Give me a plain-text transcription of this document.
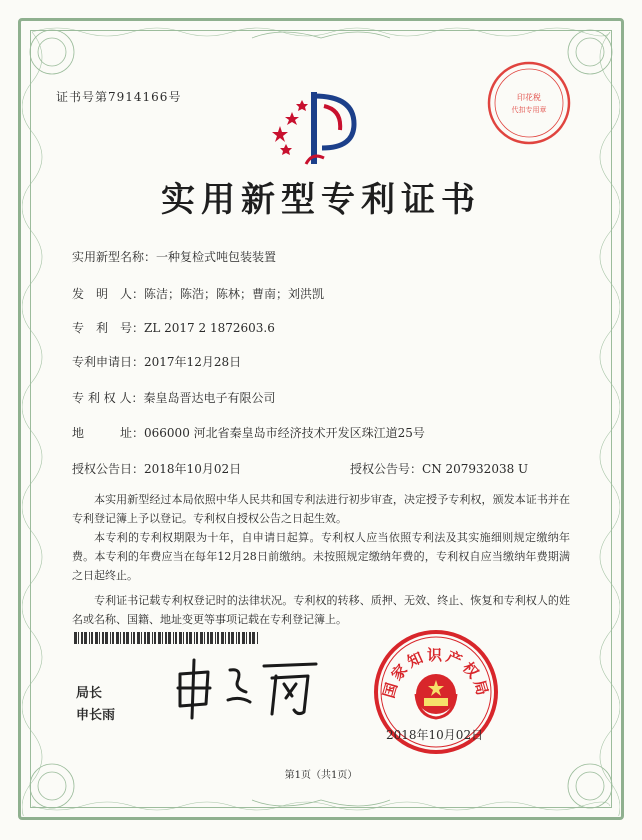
证书号第7914166号	印花税
代扣专用章
实用新型专利证书
实用新型名称：一种复检式吨包装装置
发　明　人：陈洁；陈浩；陈林；曹南；刘洪凯
专　利　号：ZL 2017 2 1872603.6
专利申请日：2017年12月28日
专 利 权 人：秦皇岛晋达电子有限公司
地　　　址：066000 河北省秦皇岛市经济技术开发区珠江道25号
授权公告日：2018年10月02日	授权公告号：CN 207932038 U

本实用新型经过本局依照中华人民共和国专利法进行初步审查，决定授予专利权，颁发本证书并在专利登记簿上予以登记。专利权自授权公告之日起生效。

本专利的专利权期限为十年，自申请日起算。专利权人应当依照专利法及其实施细则规定缴纳年费。本专利的年费应当在每年12月28日前缴纳。未按照规定缴纳年费的，专利权自应当缴纳年费期满之日起终止。

专利证书记载专利权登记时的法律状况。专利权的转移、质押、无效、终止、恢复和专利权人的姓名或名称、国籍、地址变更等事项记载在专利登记簿上。

局长
申长雨
国家知识产权局
2018年10月02日
第1页（共1页）
